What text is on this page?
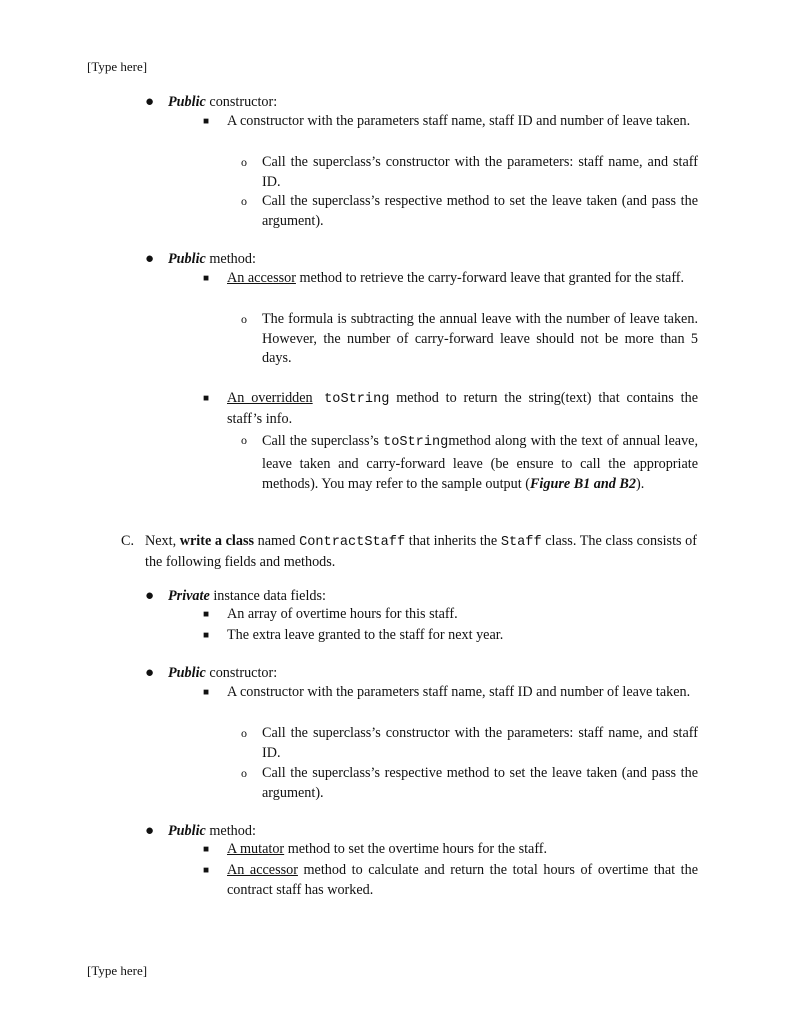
[Type here]
● Public constructor:
■ A constructor with the parameters staff name, staff ID and number of leave taken.
o Call the superclass’s constructor with the parameters: staff name, and staff ID.
o Call the superclass’s respective method to set the leave taken (and pass the argument).
● Public method:
■ An accessor method to retrieve the carry-forward leave that granted for the staff.
o The formula is subtracting the annual leave with the number of leave taken. However, the number of carry-forward leave should not be more than 5 days.
■ An overridden toString method to return the string(text) that contains the staff’s info.
o Call the superclass’s toStringmethod along with the text of annual leave, leave taken and carry-forward leave (be ensure to call the appropriate methods). You may refer to the sample output (Figure B1 and B2).
C. Next, write a class named ContractStaff that inherits the Staff class. The class consists of the following fields and methods.
● Private instance data fields:
■ An array of overtime hours for this staff.
■ The extra leave granted to the staff for next year.
● Public constructor:
■ A constructor with the parameters staff name, staff ID and number of leave taken.
o Call the superclass’s constructor with the parameters: staff name, and staff ID.
o Call the superclass’s respective method to set the leave taken (and pass the argument).
● Public method:
■ A mutator method to set the overtime hours for the staff.
■ An accessor method to calculate and return the total hours of overtime that the contract staff has worked.
[Type here]
